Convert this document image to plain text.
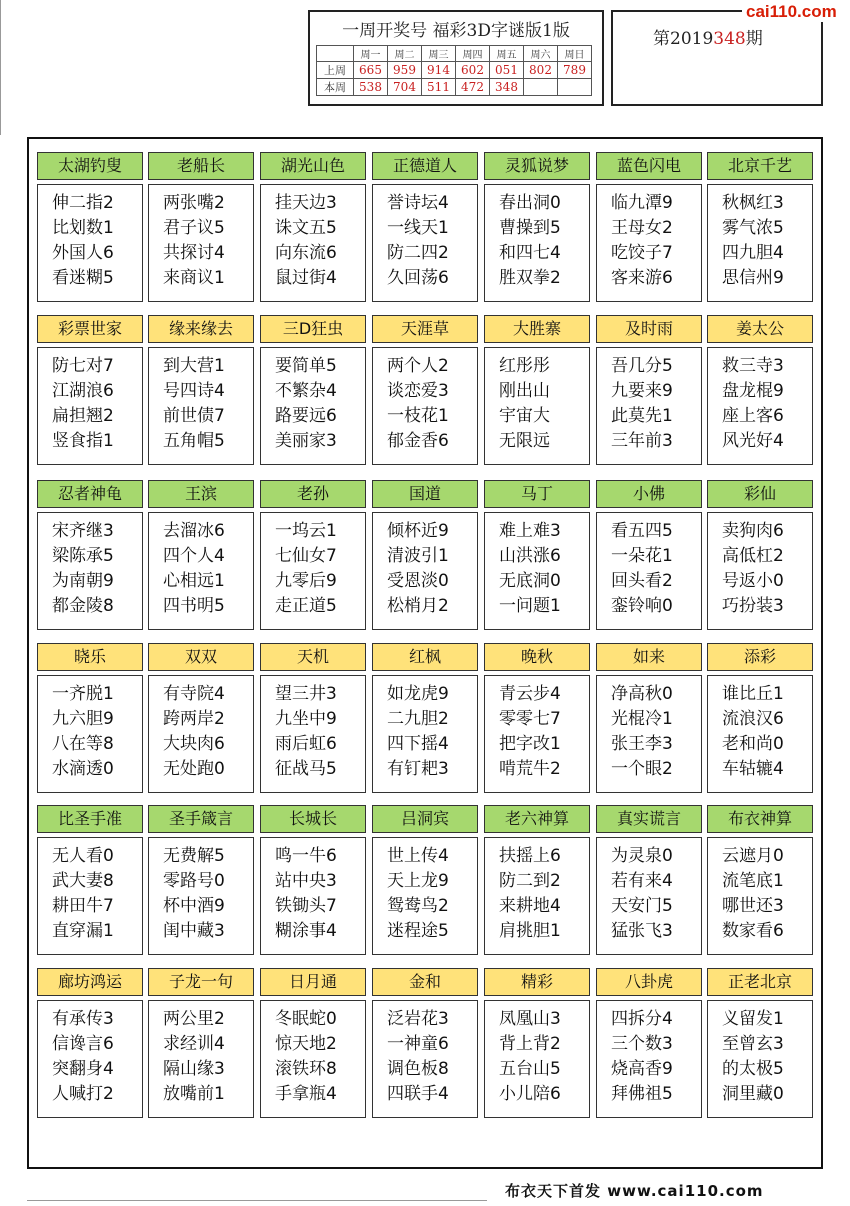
一周开奖号 福彩3D字谜版1版
	周一	周二	周三	周四	周五	周六	周日
上周	665	959	914	602	051	802	789
本周	538	704	511	472	348		
第2019348期
cai110.com
太湖钓叟
伸二指2
比划数1
外国人6
看迷糊5
老船长
两张嘴2
君子议5
共探讨4
来商议1
湖光山色
挂天边3
诛文五5
向东流6
鼠过街4
正德道人
誉诗坛4
一线天1
防二四2
久回荡6
灵狐说梦
春出洞0
曹操到5
和四七4
胜双拳2
蓝色闪电
临九潭9
王母女2
吃饺子7
客来游6
北京千艺
秋枫红3
雾气浓5
四九胆4
思信州9
彩票世家
防七对7
江湖浪6
扁担翘2
竖食指1
缘来缘去
到大营1
号四诗4
前世债7
五角帽5
三D狂虫
要简单5
不繁杂4
路要远6
美丽家3
天涯草
两个人2
谈恋爱3
一枝花1
郁金香6
大胜寨
红彤彤
刚出山
宇宙大
无限远
及时雨
吾几分5
九要来9
此莫先1
三年前3
姜太公
救三寺3
盘龙棍9
座上客6
风光好4
忍者神龟
宋齐继3
梁陈承5
为南朝9
都金陵8
王滨
去溜冰6
四个人4
心相远1
四书明5
老孙
一坞云1
七仙女7
九零后9
走正道5
国道
倾杯近9
清波引1
受恩淡0
松梢月2
马丁
难上难3
山洪涨6
无底洞0
一问题1
小佛
看五四5
一朵花1
回头看2
銮铃响0
彩仙
卖狗肉6
高低杠2
号返小0
巧扮装3
晓乐
一齐脱1
九六胆9
八在等8
水滴透0
双双
有寺院4
跨两岸2
大块肉6
无处跑0
天机
望三井3
九坐中9
雨后虹6
征战马5
红枫
如龙虎9
二九胆2
四下摇4
有钉耙3
晚秋
青云步4
零零七7
把字改1
啃荒牛2
如来
净高秋0
光棍冷1
张王李3
一个眼2
添彩
谁比丘1
流浪汉6
老和尚0
车轱辘4
比圣手准
无人看0
武大妻8
耕田牛7
直穿漏1
圣手箴言
无费解5
零路号0
杯中酒9
闺中藏3
长城长
鸣一牛6
站中央3
铁锄头7
糊涂事4
吕洞宾
世上传4
天上龙9
鸳鸯鸟2
迷程途5
老六神算
扶摇上6
防二到2
来耕地4
肩挑胆1
真实谎言
为灵泉0
若有来4
天安门5
猛张飞3
布衣神算
云遮月0
流笔底1
哪世还3
数家看6
廊坊鸿运
有承传3
信谗言6
突翻身4
人喊打2
子龙一句
两公里2
求经训4
隔山缘3
放嘴前1
日月通
冬眠蛇0
惊天地2
滚铁环8
手拿瓶4
金和
泛岩花3
一神童6
调色板8
四联手4
精彩
凤凰山3
背上背2
五台山5
小儿陪6
八卦虎
四拆分4
三个数3
烧高香9
拜佛祖5
正老北京
义留发1
至曾玄3
的太极5
洞里藏0
布衣天下首发 www.cai110.com
